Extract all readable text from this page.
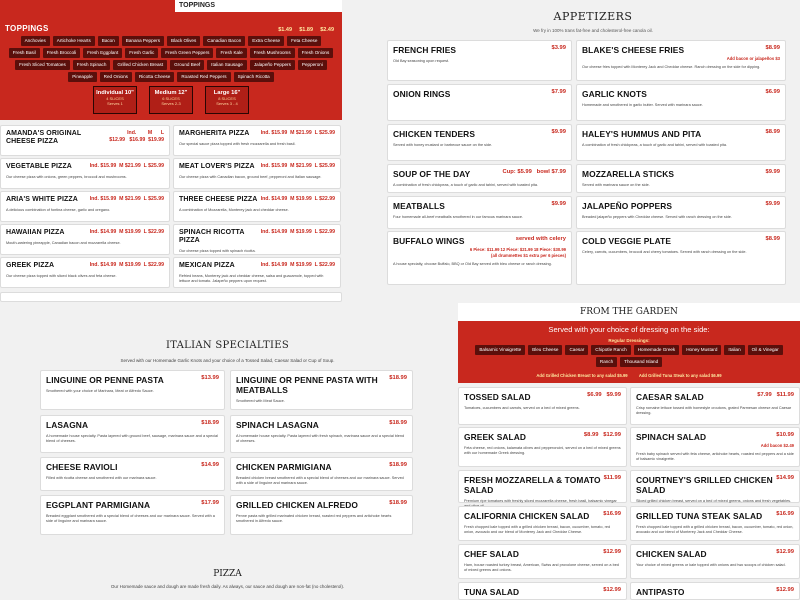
TOPPINGS	$1.49 $1.89 $2.49
Anchovies	Artichoke Hearts	Bacon	Banana Peppers	Black Olives	Canadian Bacon	Extra Cheese	Feta Cheese
Fresh Basil	Fresh Broccoli	Fresh Eggplant	Fresh Garlic	Fresh Green Peppers	Fresh Kale	Fresh Mushrooms	Fresh Onions
Fresh Sliced Tomatoes	Fresh Spinach	Grilled Chicken Breast	Ground Beef	Italian Sausage	Jalapeño Peppers	Pepperoni
Pineapple	Red Onions	Ricotta Cheese	Roasted Red Peppers	Spinach Ricotta
Individual 10"
4 SLICES
Serves 1
Medium 12"
6 SLICES
Serves 2-3
Large 16"
8 SLICES
Serves 3 - 4
TOPPINGS
AMANDA'S ORIGINAL CHEESE PIZZA
Ind.        M      L
$12.99   $16.99  $19.99
MARGHERITA PIZZA Ind. $15.99  M $21.99  L $25.99
Our special sauce pizza topped with fresh mozzarella and fresh basil.
VEGETABLE PIZZA	Ind. $15.99  M $21.99  L $25.99
Our cheese pizza with onions, green peppers, broccoli and mushrooms.
MEAT LOVER'S PIZZA Ind. $15.99  M $21.99  L $25.99
Our cheese pizza with Canadian bacon, ground beef, pepperoni and Italian sausage.
ARIA'S WHITE PIZZA Ind. $15.99  M $21.99  L $25.99
A delicious combination of fontina cheese, garlic and oregano.
THREE CHEESE PIZZA Ind. $14.99  M $19.99  L $22.99
A combination of Mozzarella, Monterey jack and cheddar cheese.
HAWAIIAN PIZZA	Ind. $14.99  M $19.99  L $22.99
Mouth-watering pineapple, Canadian bacon and mozzarella cheese.
SPINACH RICOTTA PIZZA
Ind. $14.99  M $19.99  L $22.99
Our cheese pizza topped with spinach ricotta.
GREEK PIZZA	Ind. $14.99  M $19.99  L $22.99
Our cheese pizza topped with sliced black olives and feta cheese.
MEXICAN PIZZA	Ind. $14.99  M $19.99  L $22.99
Refried beans, Monterey jack and cheddar cheese, salsa and guacamole, topped with lettuce and tomato. Jalapeño peppers upon request.
APPETIZERS
We fry in 100% trans fat-free and cholesterol-free canola oil.
FRENCH FRIES	$3.99
Old Bay seasoning upon request.
BLAKE'S CHEESE FRIES	$8.99
Add bacon or jalapeños $3
Our cheese fries topped with Monterey Jack and Cheddar cheese. Ranch dressing on the side for dipping.
ONION RINGS	$7.99 GARLIC KNOTS	$6.99
Homemade and smothered in garlic butter. Served with marinara sauce.
CHICKEN TENDERS	$9.99
Served with honey mustard or barbecue sauce on the side.
HALEY'S HUMMUS AND PITA	$8.99
A combination of fresh chickpeas, a touch of garlic and tahini, served with toasted pita.
SOUP OF THE DAY	Cup: $5.99   bowl $7.99
A combination of fresh chickpeas, a touch of garlic and tahini, served with toasted pita.
MOZZARELLA STICKS	$9.99
Served with marinara sauce on the side.
MEATBALLS	$9.99
Four homemade all-beef meatballs smothered in our famous marinara sauce.
JALAPEÑO POPPERS	$9.99
Breaded jalapeño peppers with Cheddar cheese. Served with ranch dressing on the side.
BUFFALO WINGS	served with celery
6 Piece: $11.99 12 Piece: $21.99 18 Piece: $30.99
(all drummettes $1 extra per 6 pieces)
A house specialty, choose Buffalo, BBQ or Old Bay served with bleu cheese or ranch dressing.
COLD VEGGIE PLATE	$8.99
Celery, carrots, cucumbers, broccoli and cherry tomatoes. Served with ranch dressing on the side.
ITALIAN SPECIALTIES
Served with our Homemade Garlic Knots and your choice of a Tossed Salad, Caesar Salad or Cup of Soup.
LINGUINE OR PENNE PASTA	$13.99
Smothered with your choice of Marinara, Meat or Alfredo Sauce.
LINGUINE OR PENNE PASTA WITH MEATBALLS
$18.99
Smothered with Meat Sauce.
LASAGNA	$18.99
A homemade house specialty. Pasta layered with ground beef, sausage, marinara sauce and a special blend of cheeses.
SPINACH LASAGNA	$18.99
A homemade house specialty. Pasta layered with fresh spinach, marinara sauce and a special blend of cheeses.
CHEESE RAVIOLI	$14.99
Filled with ricotta cheese and smothered with our marinara sauce.
CHICKEN PARMIGIANA	$18.99
Breaded chicken breast smothered with a special blend of cheeses and our marinara sauce. Served with a side of linguine and marinara sauce.
EGGPLANT PARMIGIANA	$17.99
Breaded eggplant smothered with a special blend of cheeses and our marinara sauce. Served with a side of linguine and marinara sauce.
GRILLED CHICKEN ALFREDO	$18.99
Penne pasta with grilled marinated chicken breast, roasted red peppers and artichoke hearts smothered in Alfredo sauce.
FROM THE GARDEN
Served with your choice of dressing on the side:
Regular Dressings:
Balsamic Vinaigrette	Bleu Cheese	Caesar	Chipotle Ranch	Homemade Greek	Honey Mustard	Italian	Oil & Vinegar
Ranch	Thousand Island
Add Grilled Chicken Breast to any salad $5.99	Add Grilled Tuna Steak to any salad $6.99
TOSSED SALAD	$6.99   $9.99
Tomatoes, cucumbers and carrots, served on a bed of mixed greens.
CAESAR SALAD	$7.99   $11.99
Crisp romaine lettuce tossed with homestyle croutons, grated Parmesan cheese and Caesar dressing.
GREEK SALAD	$8.99   $12.99
Feta cheese, red onions, kalamata olives and pepperoncini, served on a bed of mixed greens with our homemade Greek dressing.
SPINACH SALAD	$10.99
Add bacon $2.49
Fresh baby spinach served with feta cheese, artichoke hearts, roasted red peppers and a side of balsamic vinaigrette.
FRESH MOZZARELLA & TOMATO SALAD
$11.99
Premium ripe tomatoes with freshly sliced mozzarella cheese, fresh basil, balsamic vinegar
COURTNEY'S GRILLED CHICKEN SALAD
$14.99
Sliced grilled chicken breast, served on a bed of mixed greens, onions and fresh vegetables.
CALIFORNIA CHICKEN SALAD $16.99
Fresh chopped kale topped with a grilled chicken breast, bacon, cucumber, tomato, red onion, avocado and our blend of Monterey Jack and Cheddar Cheese.
GRILLED TUNA STEAK SALAD $16.99
Fresh chopped kale topped with a grilled chicken breast, bacon, cucumber, tomato, red onion, avocado and our blend of Monterey Jack and Cheddar Cheese.
CHEF SALAD	$12.99
Ham, house roasted turkey breast, American, Swiss and provolone cheese, served on a bed of mixed greens and onions.
CHICKEN SALAD	$12.99
Your choice of mixed greens or kale topped with onions and two scoops of chicken salad.
TUNA SALAD	$12.99 ANTIPASTO	$12.99
PIZZA
Our Homemade sauce and dough are made fresh daily. As always, our sauce and dough are non-fat (no cholesterol).
